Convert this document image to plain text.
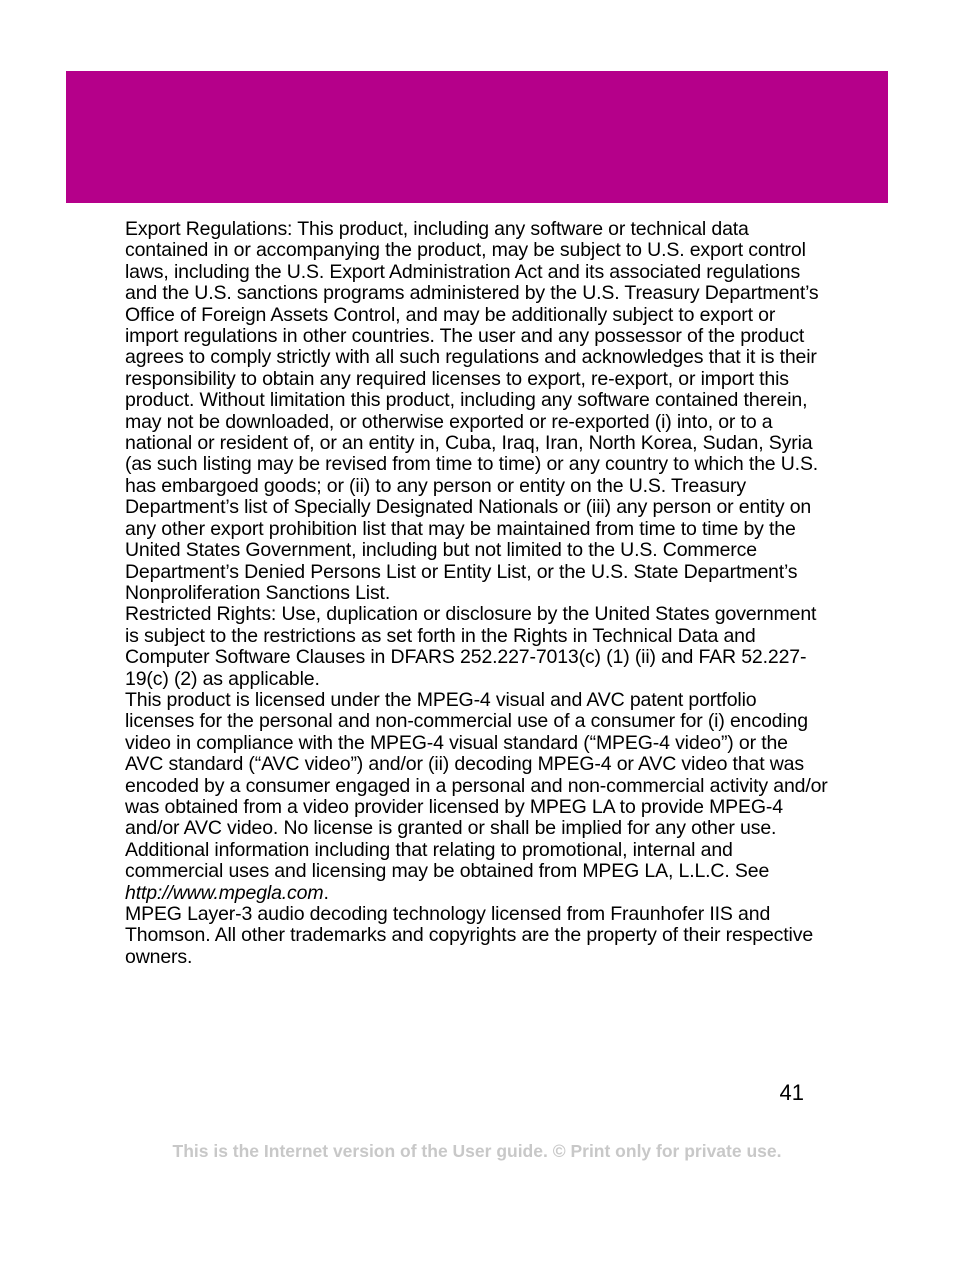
Export Regulations: This product, including any software or technical data contained in or accompanying the product, may be subject to U.S. export control laws, including the U.S. Export Administration Act and its associated regulations and the U.S. sanctions programs administered by the U.S. Treasury Department’s Office of Foreign Assets Control, and may be additionally subject to export or import regulations in other countries. The user and any possessor of the product agrees to comply strictly with all such regulations and acknowledges that it is their responsibility to obtain any required licenses to export, re-export, or import this product. Without limitation this product, including any software contained therein, may not be downloaded, or otherwise exported or re-exported (i) into, or to a national or resident of, or an entity in, Cuba, Iraq, Iran, North Korea, Sudan, Syria (as such listing may be revised from time to time) or any country to which the U.S. has embargoed goods; or (ii) to any person or entity on the U.S. Treasury Department’s list of Specially Designated Nationals or (iii) any person or entity on any other export prohibition list that may be maintained from time to time by the United States Government, including but not limited to the U.S. Commerce Department’s Denied Persons List or Entity List, or the U.S. State Department’s Nonproliferation Sanctions List.

Restricted Rights: Use, duplication or disclosure by the United States government is subject to the restrictions as set forth in the Rights in Technical Data and Computer Software Clauses in DFARS 252.227-7013(c) (1) (ii) and FAR 52.227-19(c) (2) as applicable.

This product is licensed under the MPEG-4 visual and AVC patent portfolio licenses for the personal and non-commercial use of a consumer for (i) encoding video in compliance with the MPEG-4 visual standard (“MPEG-4 video”) or the AVC standard (“AVC video”) and/or (ii) decoding MPEG-4 or AVC video that was encoded by a consumer engaged in a personal and non-commercial activity and/or was obtained from a video provider licensed by MPEG LA to provide MPEG-4 and/or AVC video. No license is granted or shall be implied for any other use. Additional information including that relating to promotional, internal and commercial uses and licensing may be obtained from MPEG LA, L.L.C. See http://www.mpegla.com.

MPEG Layer-3 audio decoding technology licensed from Fraunhofer IIS and Thomson. All other trademarks and copyrights are the property of their respective owners.

41
This is the Internet version of the User guide. © Print only for private use.
